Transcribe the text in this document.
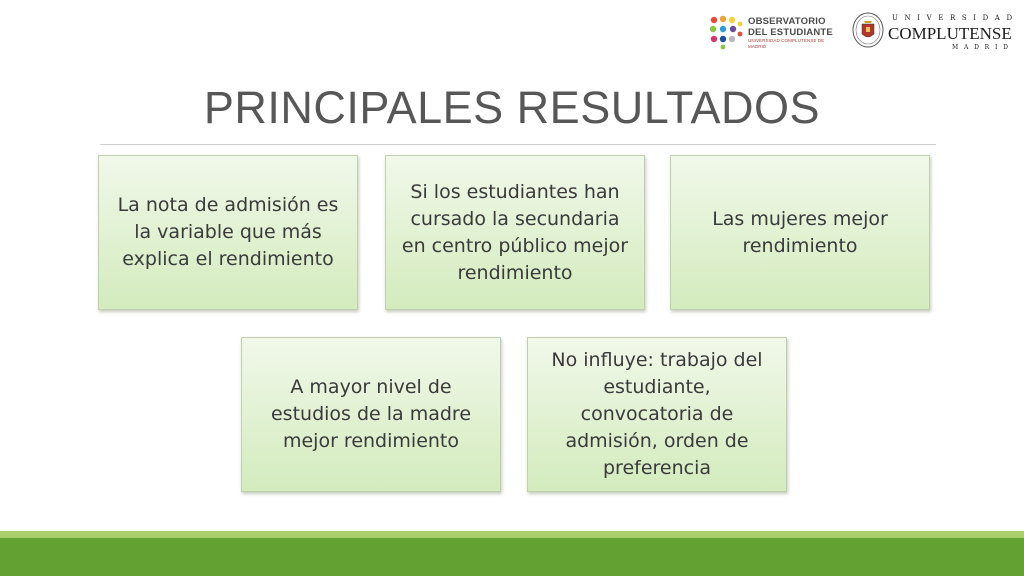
OBSERVATORIO
DEL ESTUDIANTE
UNIVERSIDAD COMPLUTENSE DE MADRID
UNIVERSIDAD
COMPLUTENSE
MADRID
PRINCIPALES RESULTADOS
La nota de admisión es la variable que más explica el rendimiento
Si los estudiantes han cursado la secundaria en centro público mejor rendimiento
Las mujeres mejor rendimiento
A mayor nivel de estudios de la madre mejor rendimiento
No influye: trabajo del estudiante, convocatoria de admisión, orden de preferencia
